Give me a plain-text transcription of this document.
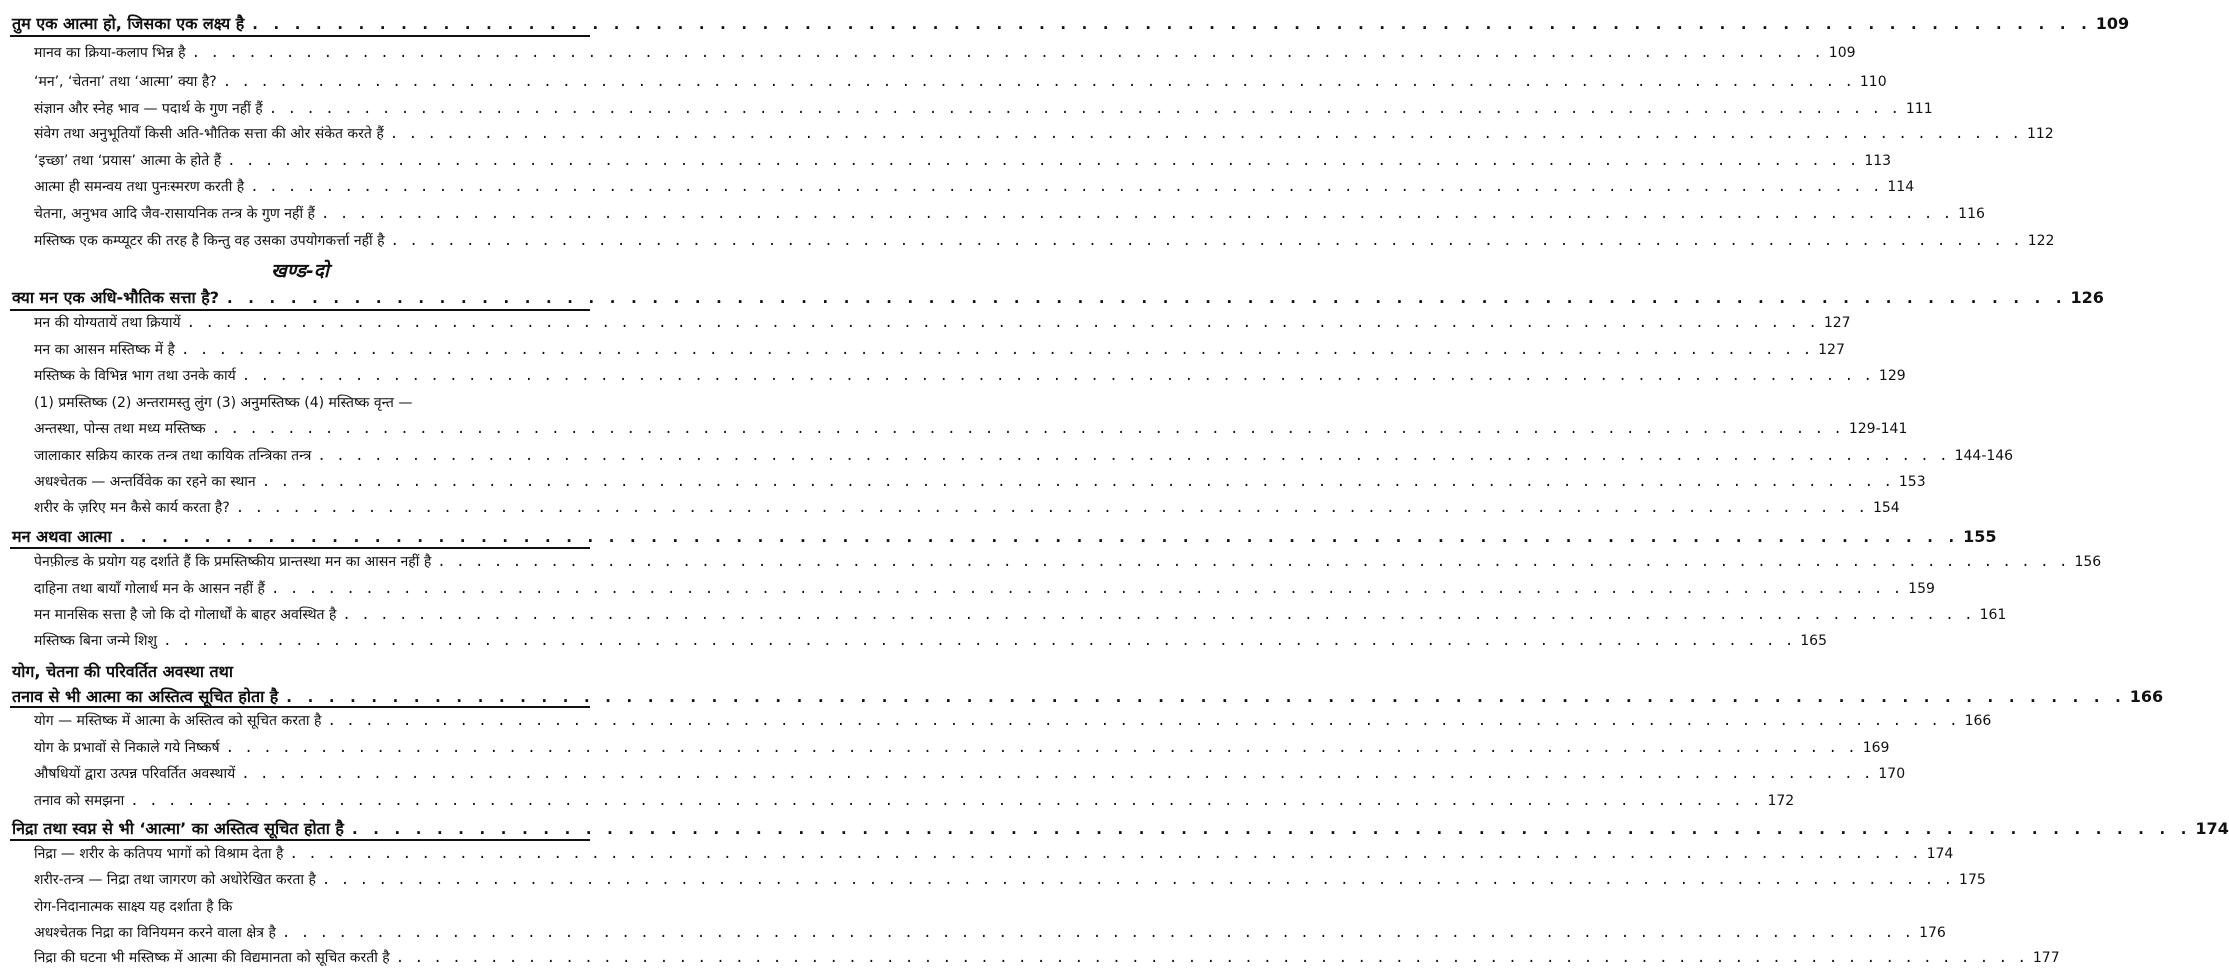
तुम एक आत्मा हो, जिसका एक लक्ष्य है . . .	109
मानव का क्रिया-कलाप भिन्न है . . .	109
‘मन’, ‘चेतना’ तथा ‘आत्मा’ क्या है? . . .	110
संज्ञान और स्नेह भाव — पदार्थ के गुण नहीं हैं . . .	111
संवेग तथा अनुभूतियाँ किसी अति-भौतिक सत्ता की ओर संकेत करते हैं . . .	112
‘इच्छा’ तथा ‘प्रयास’ आत्मा के होते हैं . . .	113
आत्मा ही समन्वय तथा पुनःस्मरण करती है . . .	114
चेतना, अनुभव आदि जैव-रासायनिक तन्त्र के गुण नहीं हैं . . .	116
मस्तिष्क एक कम्प्यूटर की तरह है किन्तु वह उसका उपयोगकर्त्ता नहीं है . . .	122
खण्ड-दो
क्या मन एक अधि-भौतिक सत्ता है? . . .	126
मन की योग्यतायें तथा क्रियायें . . .	127
मन का आसन मस्तिष्क में है . . .	127
मस्तिष्क के विभिन्न भाग तथा उनके कार्य . . .	129
(1) प्रमस्तिष्क (2) अन्तरामस्तु लुंग (3) अनुमस्तिष्क (4) मस्तिष्क वृन्त —
अन्तस्था, पोन्स तथा मध्य मस्तिष्क . . .	129-141
जालाकार सक्रिय कारक तन्त्र तथा कायिक तन्त्रिका तन्त्र . . .	144-146
अधश्चेतक — अन्तर्विवेक का रहने का स्थान . . .	153
शरीर के ज़रिए मन कैसे कार्य करता है? . . .	154
मन अथवा आत्मा . . .	155
पेनफ़ील्ड के प्रयोग यह दर्शाते हैं कि प्रमस्तिष्कीय प्रान्तस्था मन का आसन नहीं है . . .	156
दाहिना तथा बायाँ गोलार्ध मन के आसन नहीं हैं . . .	159
मन मानसिक सत्ता है जो कि दो गोलार्धों के बाहर अवस्थित है . . .	161
मस्तिष्क बिना जन्मे शिशु . . .	165
योग, चेतना की परिवर्तित अवस्था तथा
तनाव से भी आत्मा का अस्तित्व सूचित होता है . . .	166
योग — मस्तिष्क में आत्मा के अस्तित्व को सूचित करता है . . .	166
योग के प्रभावों से निकाले गये निष्कर्ष . . .	169
औषधियों द्वारा उत्पन्न परिवर्तित अवस्थायें . . .	170
तनाव को समझना . . .	172
निद्रा तथा स्वप्न से भी ‘आत्मा’ का अस्तित्व सूचित होता है . . .	174
निद्रा — शरीर के कतिपय भागों को विश्राम देता है . . .	174
शरीर-तन्त्र — निद्रा तथा जागरण को अधोरेखित करता है . . .	175
रोग-निदानात्मक साक्ष्य यह दर्शाता है कि
अधश्चेतक निद्रा का विनियमन करने वाला क्षेत्र है . . .	176
निद्रा की घटना भी मस्तिष्क में आत्मा की विद्यमानता को सूचित करती है . . .	177
